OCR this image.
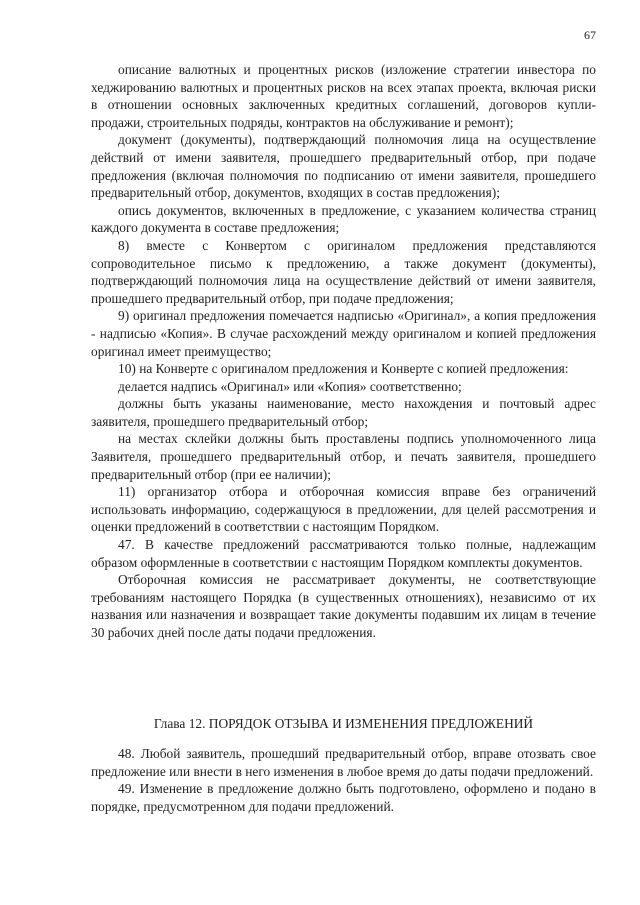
67

описание валютных и процентных рисков (изложение стратегии инвестора по хеджированию валютных и процентных рисков на всех этапах проекта, включая риски в отношении основных заключенных кредитных соглашений, договоров купли-продажи, строительных подряды, контрактов на обслуживание и ремонт);

документ (документы), подтверждающий полномочия лица на осуществление действий от имени заявителя, прошедшего предварительный отбор, при подаче предложения (включая полномочия по подписанию от имени заявителя, прошедшего предварительный отбор, документов, входящих в состав предложения);

опись документов, включенных в предложение, с указанием количества страниц каждого документа в составе предложения;

8) вместе с Конвертом с оригиналом предложения представляются сопроводительное письмо к предложению, а также документ (документы), подтверждающий полномочия лица на осуществление действий от имени заявителя, прошедшего предварительный отбор, при подаче предложения;

9) оригинал предложения помечается надписью «Оригинал», а копия предложения - надписью «Копия». В случае расхождений между оригиналом и копией предложения оригинал имеет преимущество;

10) на Конверте с оригиналом предложения и Конверте с копией предложения:

делается надпись «Оригинал» или «Копия» соответственно;

должны быть указаны наименование, место нахождения и почтовый адрес заявителя, прошедшего предварительный отбор;

на местах склейки должны быть проставлены подпись уполномоченного лица Заявителя, прошедшего предварительный отбор, и печать заявителя, прошедшего предварительный отбор (при ее наличии);

11) организатор отбора и отборочная комиссия вправе без ограничений использовать информацию, содержащуюся в предложении, для целей рассмотрения и оценки предложений в соответствии с настоящим Порядком.

47. В качестве предложений рассматриваются только полные, надлежащим образом оформленные в соответствии с настоящим Порядком комплекты документов.

Отборочная комиссия не рассматривает документы, не соответствующие требованиям настоящего Порядка (в существенных отношениях), независимо от их названия или назначения и возвращает такие документы подавшим их лицам в течение 30 рабочих дней после даты подачи предложения.

Глава 12. ПОРЯДОК ОТЗЫВА И ИЗМЕНЕНИЯ ПРЕДЛОЖЕНИЙ

48. Любой заявитель, прошедший предварительный отбор, вправе отозвать свое предложение или внести в него изменения в любое время до даты подачи предложений.

49. Изменение в предложение должно быть подготовлено, оформлено и подано в порядке, предусмотренном для подачи предложений.
